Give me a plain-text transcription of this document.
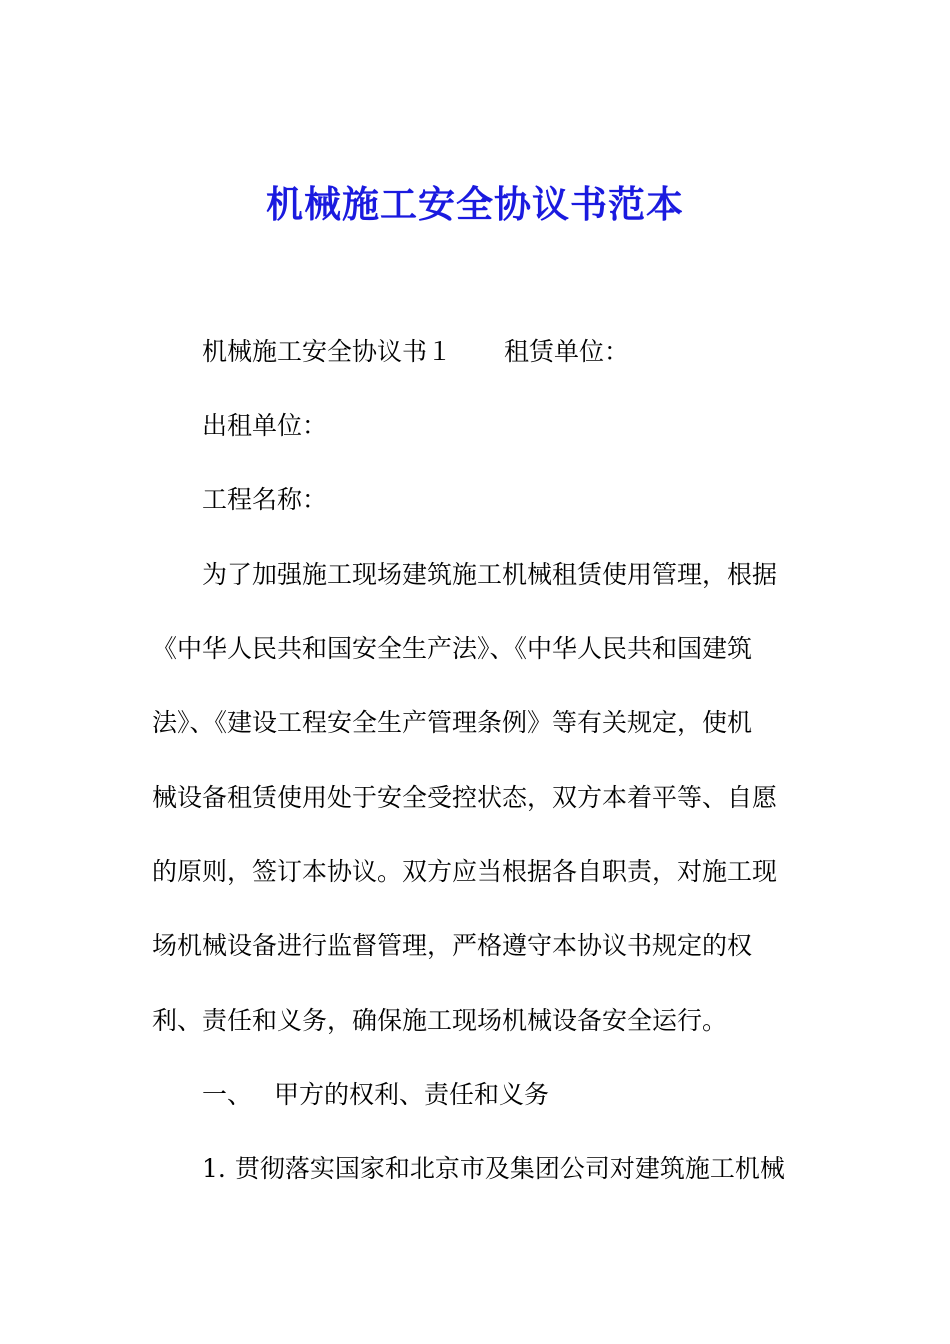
机械施工安全协议书范本
机械施工安全协议书１ 租赁单位：
出租单位：
工程名称：
为了加强施工现场建筑施工机械租赁使用管理，根据
《中华人民共和国安全生产法》、《中华人民共和国建筑
法》、《建设工程安全生产管理条例》等有关规定，使机
械设备租赁使用处于安全受控状态，双方本着平等、自愿
的原则，签订本协议。双方应当根据各自职责，对施工现
场机械设备进行监督管理，严格遵守本协议书规定的权
利、责任和义务，确保施工现场机械设备安全运行。
一、 甲方的权利、责任和义务
1. 贯彻落实国家和北京市及集团公司对建筑施工机械
